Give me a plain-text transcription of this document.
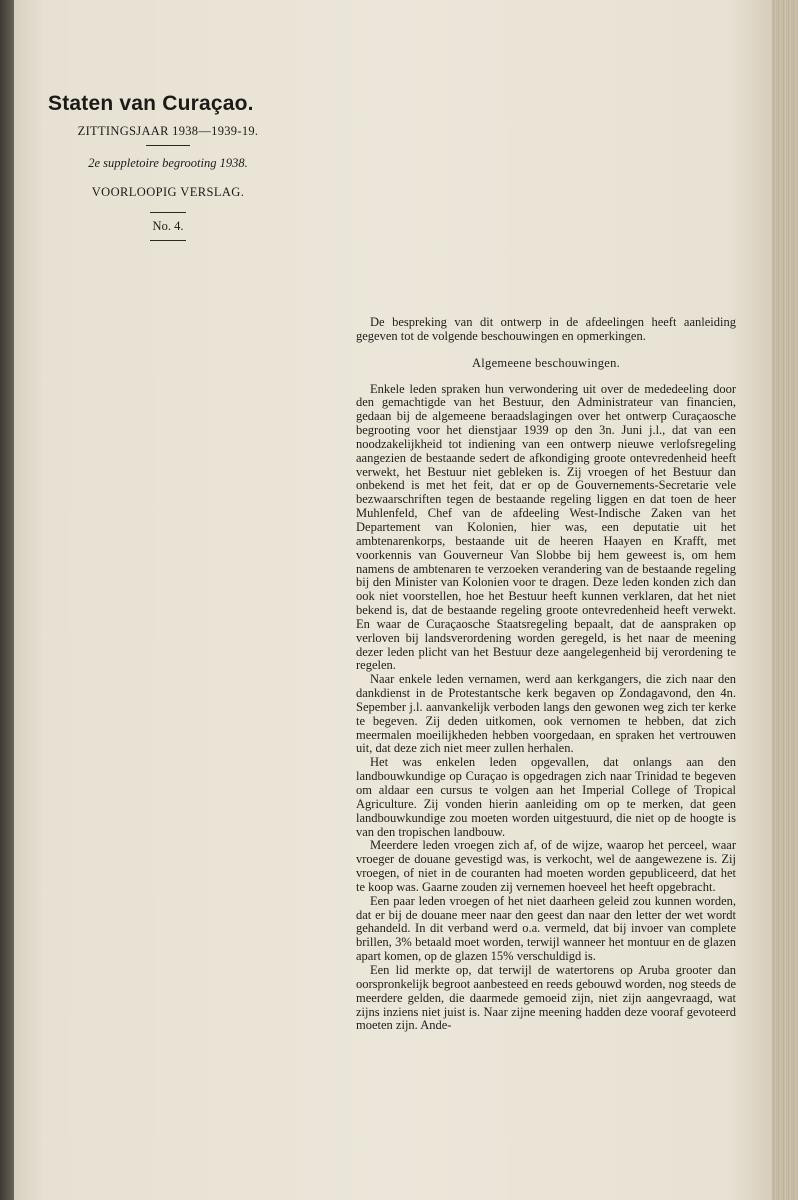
Staten van Curaçao.
ZITTINGSJAAR 1938—1939-19.
2e suppletoire begrooting 1938.
VOORLOOPIG VERSLAG.
No. 4.

De bespreking van dit ontwerp in de afdeelingen heeft aanleiding gegeven tot de volgende beschouwingen en opmerkingen.

Algemeene beschouwingen.

Enkele leden spraken hun verwondering uit over de mededeeling door den gemachtigde van het Bestuur, den Administrateur van financien, gedaan bij de algemeene beraadslagingen over het ontwerp Curaçaosche begrooting voor het dienstjaar 1939 op den 3n. Juni j.l., dat van een noodzakelijkheid tot indiening van een ontwerp nieuwe verlofsregeling aangezien de bestaande sedert de afkondiging groote ontevredenheid heeft verwekt, het Bestuur niet gebleken is. Zij vroegen of het Bestuur dan onbekend is met het feit, dat er op de Gouvernements-Secretarie vele bezwaarschriften tegen de bestaande regeling liggen en dat toen de heer Muhlenfeld, Chef van de afdeeling West-Indische Zaken van het Departement van Kolonien, hier was, een deputatie uit het ambtenarenkorps, bestaande uit de heeren Haayen en Krafft, met voorkennis van Gouverneur Van Slobbe bij hem geweest is, om hem namens de ambtenaren te verzoeken verandering van de bestaande regeling bij den Minister van Kolonien voor te dragen. Deze leden konden zich dan ook niet voorstellen, hoe het Bestuur heeft kunnen verklaren, dat het niet bekend is, dat de bestaande regeling groote ontevredenheid heeft verwekt. En waar de Curaçaosche Staatsregeling bepaalt, dat de aanspraken op verloven bij landsverordening worden geregeld, is het naar de meening dezer leden plicht van het Bestuur deze aangelegenheid bij verordening te regelen.

Naar enkele leden vernamen, werd aan kerkgangers, die zich naar den dankdienst in de Protestantsche kerk begaven op Zondagavond, den 4n. Sepember j.l. aanvankelijk verboden langs den gewonen weg zich ter kerke te begeven. Zij deden uitkomen, ook vernomen te hebben, dat zich meermalen moeilijkheden hebben voorgedaan, en spraken het vertrouwen uit, dat deze zich niet meer zullen herhalen.

Het was enkelen leden opgevallen, dat onlangs aan den landbouwkundige op Curaçao is opgedragen zich naar Trinidad te begeven om aldaar een cursus te volgen aan het Imperial College of Tropical Agriculture. Zij vonden hierin aanleiding om op te merken, dat geen landbouwkundige zou moeten worden uitgestuurd, die niet op de hoogte is van den tropischen landbouw.

Meerdere leden vroegen zich af, of de wijze, waarop het perceel, waar vroeger de douane gevestigd was, is verkocht, wel de aangewezene is. Zij vroegen, of niet in de couranten had moeten worden gepubliceerd, dat het te koop was. Gaarne zouden zij vernemen hoeveel het heeft opgebracht.

Een paar leden vroegen of het niet daarheen geleid zou kunnen worden, dat er bij de douane meer naar den geest dan naar den letter der wet wordt gehandeld. In dit verband werd o.a. vermeld, dat bij invoer van complete brillen, 3% betaald moet worden, terwijl wanneer het montuur en de glazen apart komen, op de glazen 15% verschuldigd is.

Een lid merkte op, dat terwijl de watertorens op Aruba grooter dan oorspronkelijk begroot aanbesteed en reeds gebouwd worden, nog steeds de meerdere gelden, die daarmede gemoeid zijn, niet zijn aangevraagd, wat zijns inziens niet juist is. Naar zijne meening hadden deze vooraf gevoteerd moeten zijn. Ande-
